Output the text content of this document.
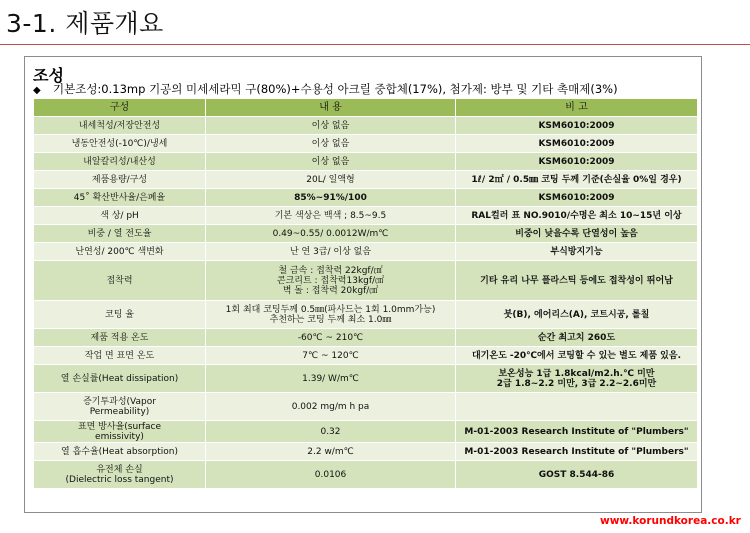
3-1. 제품개요
조성
◆ 기본조성:0.13mp 기공의 미세세라믹 구(80%)+수용성 아크릴 중합체(17%), 첨가제: 방부 및 기타 촉매제(3%)
구성	내 용	비 고

내세척성/저장안전성	이상 없음	KSM6010:2009

냉동안전성(-10℃)/냉세	이상 없음	KSM6010:2009

내알칼리성/내산성	이상 없음	KSM6010:2009

제품용량/구성	20L/ 일액형	1ℓ/ 2㎡ / 0.5㎜ 코팅 두께 기준(손실율 0%일 경우)

45˚ 확산반사율/은폐율	85%~91%/100	KSM6010:2009

색 상/ pH	기본 색상은 백색 ; 8.5~9.5	RAL컬러 표 NO.9010/수명은 최소 10~15년 이상

비중 / 열 전도율	0.49~0.55/ 0.0012W/m℃	비중이 낮을수록 단열성이 높음

난연성/ 200℃ 색변화	난 연 3급/ 이상 없음	부식방지기능

접착력	철 금속 : 접착력 22kgf/㎠
콘크리트 : 접착력13kgf/㎠
벽 돌 : 접착력 20kgf/㎠	기타 유리 나무 플라스틱 등에도 접착성이 뛰어남

코팅 율	1회 최대 코팅두께 0.5㎜(파사드는 1회 1.0mm가능)
추천하는 코팅 두께 최소 1.0㎜	붓(B), 에어리스(A), 코트시공, 롤칠

제품 적용 온도	-60℃ ~ 210℃	순간 최고치 260도

작업 면 표면 온도	7℃ ~ 120℃	대기온도 -20℃에서 코팅할 수 있는 별도 제품 있음.

열 손실률(Heat dissipation)	1.39/ W/m℃	보온성능 1급 1.8kcal/m2.h.℃ 미만
2급 1.8~2.2 미만, 3급 2.2~2.6미만

증기투과성(Vapor
Permeability)	0.002 mg/m h pa	

표면 방사율(surface
emissivity)	0.32	M-01-2003 Research Institute of "Plumbers"

열 흡수율(Heat absorption)	2.2 w/m℃	M-01-2003 Research Institute of "Plumbers"

유전체 손실
(Dielectric loss tangent)	0.0106	GOST 8.544-86
www.korundkorea.co.kr
